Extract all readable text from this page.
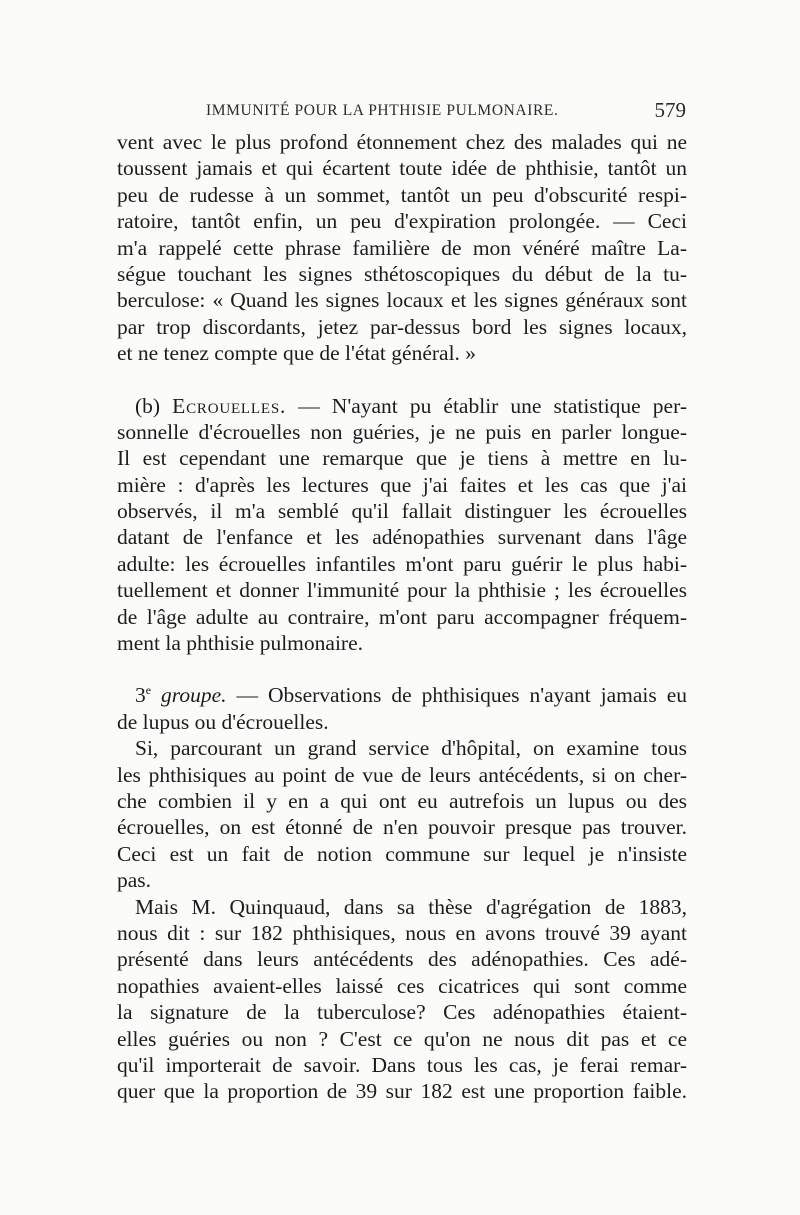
IMMUNITÉ POUR LA PHTHISIE PULMONAIRE.	579
vent avec le plus profond étonnement chez des malades qui ne
toussent jamais et qui écartent toute idée de phthisie, tantôt un
peu de rudesse à un sommet, tantôt un peu d'obscurité respi-
ratoire, tantôt enfin, un peu d'expiration prolongée. — Ceci
m'a rappelé cette phrase familière de mon vénéré maître La-
ségue touchant les signes sthétoscopiques du début de la tu-
berculose: « Quand les signes locaux et les signes généraux sont
par trop discordants, jetez par-dessus bord les signes locaux,
et ne tenez compte que de l'état général. »
(b) Ecrouelles. — N'ayant pu établir une statistique per-
sonnelle d'écrouelles non guéries, je ne puis en parler longue-
Il est cependant une remarque que je tiens à mettre en lu-
mière : d'après les lectures que j'ai faites et les cas que j'ai
observés, il m'a semblé qu'il fallait distinguer les écrouelles
datant de l'enfance et les adénopathies survenant dans l'âge
adulte: les écrouelles infantiles m'ont paru guérir le plus habi-
tuellement et donner l'immunité pour la phthisie ; les écrouelles
de l'âge adulte au contraire, m'ont paru accompagner fréquem-
ment la phthisie pulmonaire.
3e groupe. — Observations de phthisiques n'ayant jamais eu
de lupus ou d'écrouelles.
Si, parcourant un grand service d'hôpital, on examine tous
les phthisiques au point de vue de leurs antécédents, si on cher-
che combien il y en a qui ont eu autrefois un lupus ou des
écrouelles, on est étonné de n'en pouvoir presque pas trouver.
Ceci est un fait de notion commune sur lequel je n'insiste
pas.
Mais M. Quinquaud, dans sa thèse d'agrégation de 1883,
nous dit : sur 182 phthisiques, nous en avons trouvé 39 ayant
présenté dans leurs antécédents des adénopathies. Ces adé-
nopathies avaient-elles laissé ces cicatrices qui sont comme
la signature de la tuberculose? Ces adénopathies étaient-
elles guéries ou non ? C'est ce qu'on ne nous dit pas et ce
qu'il importerait de savoir. Dans tous les cas, je ferai remar-
quer que la proportion de 39 sur 182 est une proportion faible.
